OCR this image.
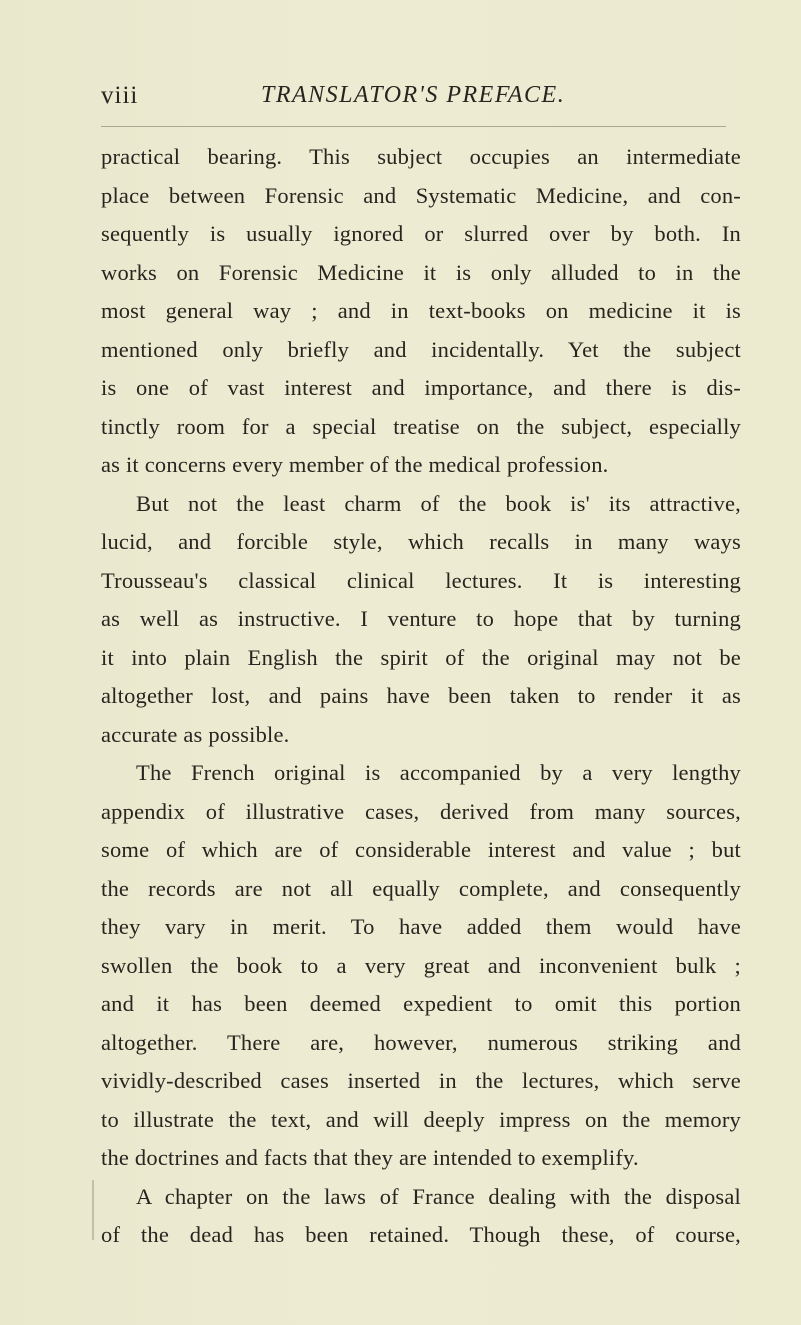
viii	TRANSLATOR'S PREFACE.
practical bearing. This subject occupies an intermediate
place between Forensic and Systematic Medicine, and con-
sequently is usually ignored or slurred over by both. In
works on Forensic Medicine it is only alluded to in the
most general way ; and in text-books on medicine it is
mentioned only briefly and incidentally. Yet the subject
is one of vast interest and importance, and there is dis-
tinctly room for a special treatise on the subject, especially
as it concerns every member of the medical profession.
But not the least charm of the book is' its attractive,
lucid, and forcible style, which recalls in many ways
Trousseau's classical clinical lectures. It is interesting
as well as instructive. I venture to hope that by turning
it into plain English the spirit of the original may not be
altogether lost, and pains have been taken to render it as
accurate as possible.
The French original is accompanied by a very lengthy
appendix of illustrative cases, derived from many sources,
some of which are of considerable interest and value ; but
the records are not all equally complete, and consequently
they vary in merit. To have added them would have
swollen the book to a very great and inconvenient bulk ;
and it has been deemed expedient to omit this portion
altogether. There are, however, numerous striking and
vividly-described cases inserted in the lectures, which serve
to illustrate the text, and will deeply impress on the memory
the doctrines and facts that they are intended to exemplify.
A chapter on the laws of France dealing with the disposal
of the dead has been retained. Though these, of course,
